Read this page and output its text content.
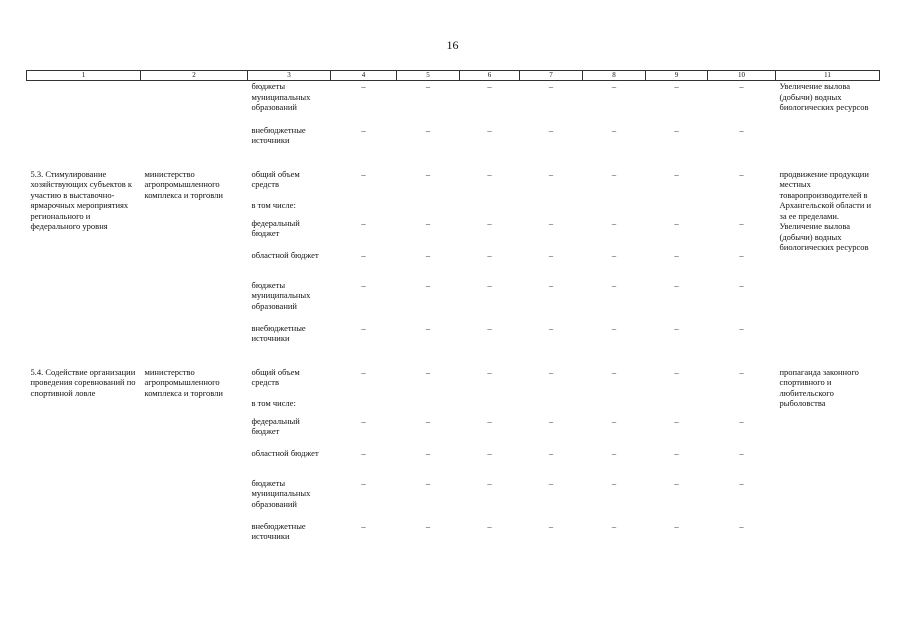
16
1	2	3	4	5	6	7	8	9	10	11
		бюджеты муниципальных образований	–	–	–	–	–	–	–	Увеличение вылова (добычи) водных биологических ресурсов
		внебюджетные источники	–	–	–	–	–	–	–	

5.3. Стимулирование хозяйствующих субъектов к участию в выставочно-ярмарочных мероприятиях регионального и федерального уровня	министерство агропромышленного комплекса и торговли	общий объем средств	–	–	–	–	–	–	–	продвижение продукции местных товаропроизводителей в Архангельской области и за ее пределами. Увеличение вылова (добычи) водных биологических ресурсов
		в том числе:								
		федеральный бюджет	–	–	–	–	–	–	–	
		областной бюджет	–	–	–	–	–	–	–	
		бюджеты муниципальных образований	–	–	–	–	–	–	–	
		внебюджетные источники	–	–	–	–	–	–	–	

5.4. Содействие организации проведения соревнований по спортивной ловле	министерство агропромышленного комплекса и торговли	общий объем средств	–	–	–	–	–	–	–	пропаганда законного спортивного и любительского рыболовства
		в том числе:								
		федеральный бюджет	–	–	–	–	–	–	–	
		областной бюджет	–	–	–	–	–	–	–	
		бюджеты муниципальных образований	–	–	–	–	–	–	–	
		внебюджетные источники	–	–	–	–	–	–	–	
